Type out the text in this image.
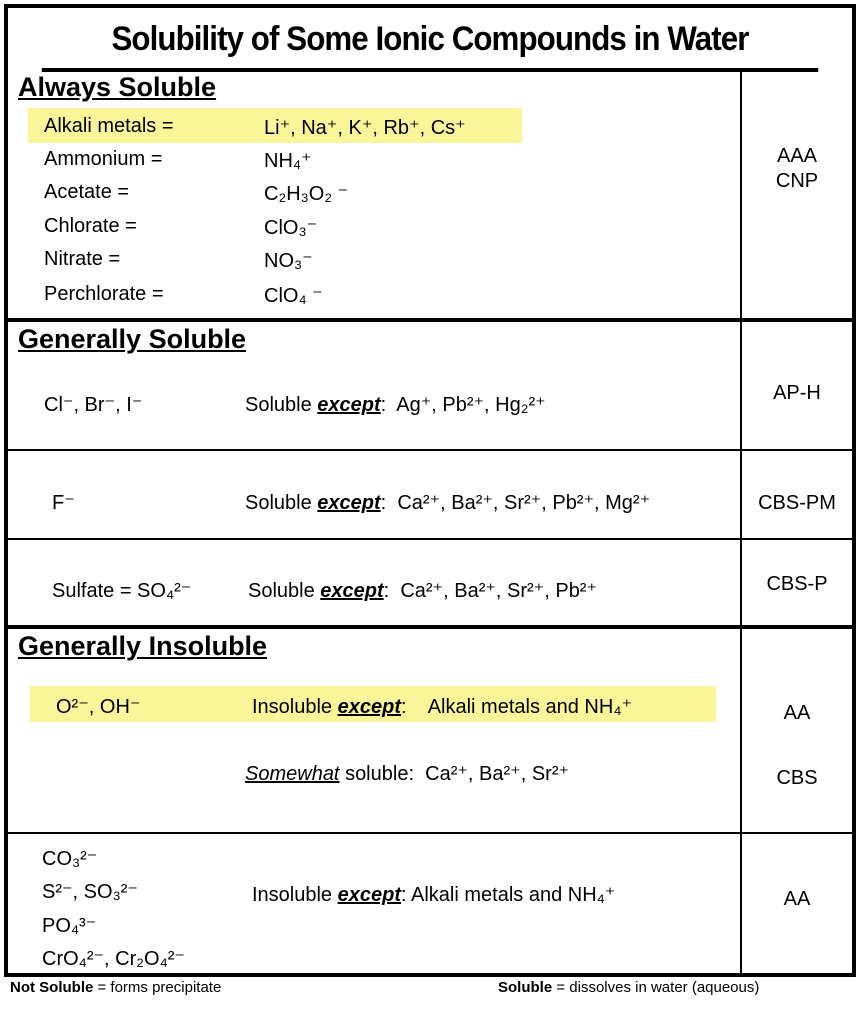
Solubility of Some Ionic Compounds in Water
Always Soluble
Alkali metals =	Li⁺, Na⁺, K⁺, Rb⁺, Cs⁺
Ammonium =	NH₄⁺
Acetate =	C₂H₃O₂ ⁻
Chlorate =	ClO₃⁻
Nitrate =	NO₃⁻
Perchlorate =	ClO₄ ⁻
AAA
CNP
Generally Soluble
Cl⁻, Br⁻, I⁻	Soluble except:  Ag⁺, Pb²⁺, Hg₂²⁺
AP-H
F⁻	Soluble except:  Ca²⁺, Ba²⁺, Sr²⁺, Pb²⁺, Mg²⁺	CBS-PM
Sulfate = SO₄²⁻	Soluble except:  Ca²⁺, Ba²⁺, Sr²⁺, Pb²⁺	CBS-P
Generally Insoluble
O²⁻, OH⁻	Insoluble except:    Alkali metals and NH₄⁺
Somewhat soluble: Ca²⁺, Ba²⁺, Sr²⁺
AA
CBS
CO₃²⁻
S²⁻, SO₃²⁻
PO₄³⁻
CrO₄²⁻, Cr₂O₄²⁻
Insoluble except: Alkali metals and NH₄⁺	AA
Not Soluble = forms precipitate	Soluble = dissolves in water (aqueous)
